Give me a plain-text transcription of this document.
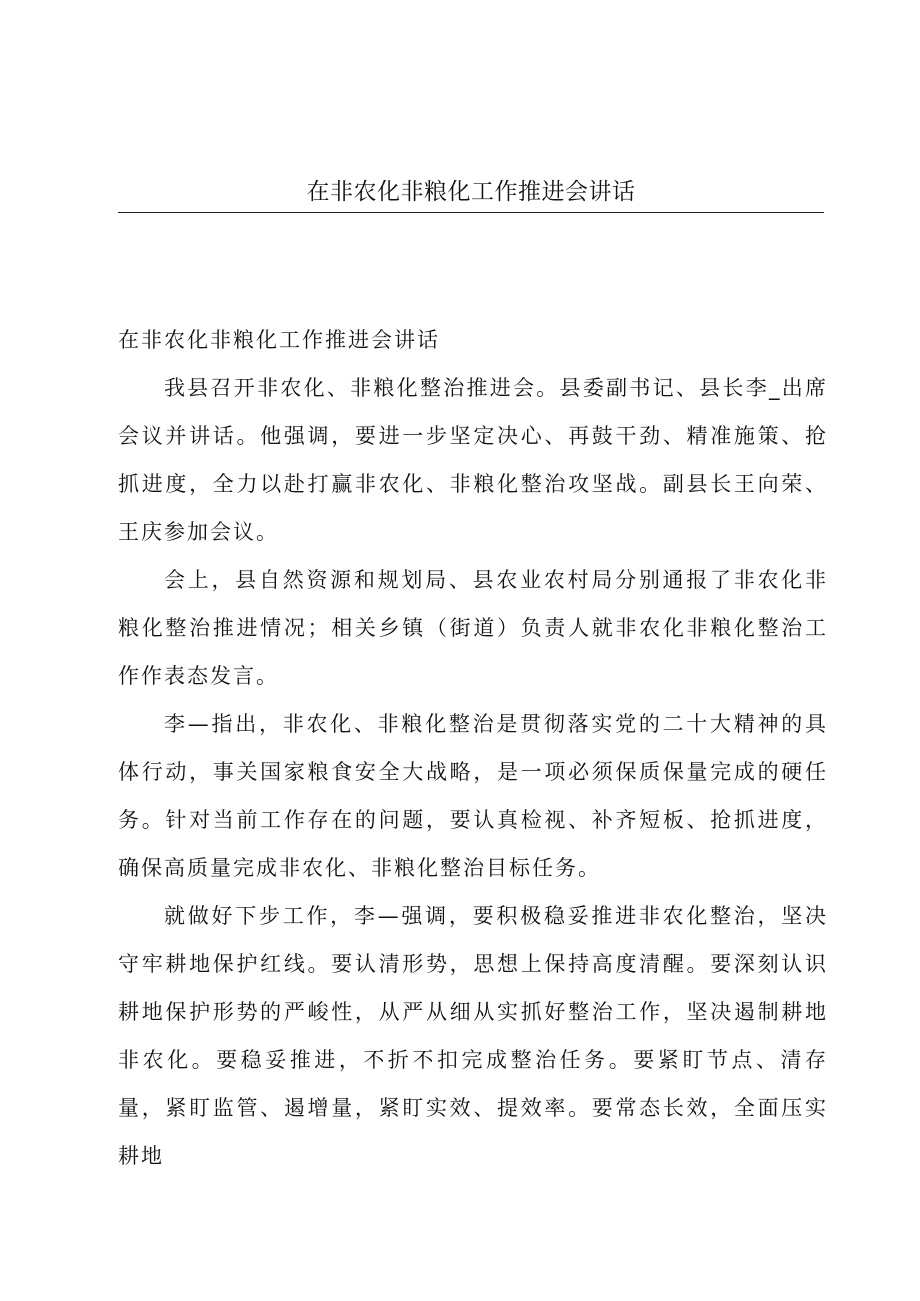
在非农化非粮化工作推进会讲话

在非农化非粮化工作推进会讲话

我县召开非农化、非粮化整治推进会。县委副书记、县长李_出席会议并讲话。他强调，要进一步坚定决心、再鼓干劲、精准施策、抢抓进度，全力以赴打赢非农化、非粮化整治攻坚战。副县长王向荣、王庆参加会议。

会上，县自然资源和规划局、县农业农村局分别通报了非农化非粮化整治推进情况；相关乡镇（街道）负责人就非农化非粮化整治工作作表态发言。

李—指出，非农化、非粮化整治是贯彻落实党的二十大精神的具体行动，事关国家粮食安全大战略，是一项必须保质保量完成的硬任务。针对当前工作存在的问题，要认真检视、补齐短板、抢抓进度，确保高质量完成非农化、非粮化整治目标任务。

就做好下步工作，李—强调，要积极稳妥推进非农化整治，坚决守牢耕地保护红线。要认清形势，思想上保持高度清醒。要深刻认识耕地保护形势的严峻性，从严从细从实抓好整治工作，坚决遏制耕地非农化。要稳妥推进，不折不扣完成整治任务。要紧盯节点、清存量，紧盯监管、遏增量，紧盯实效、提效率。要常态长效，全面压实耕地
